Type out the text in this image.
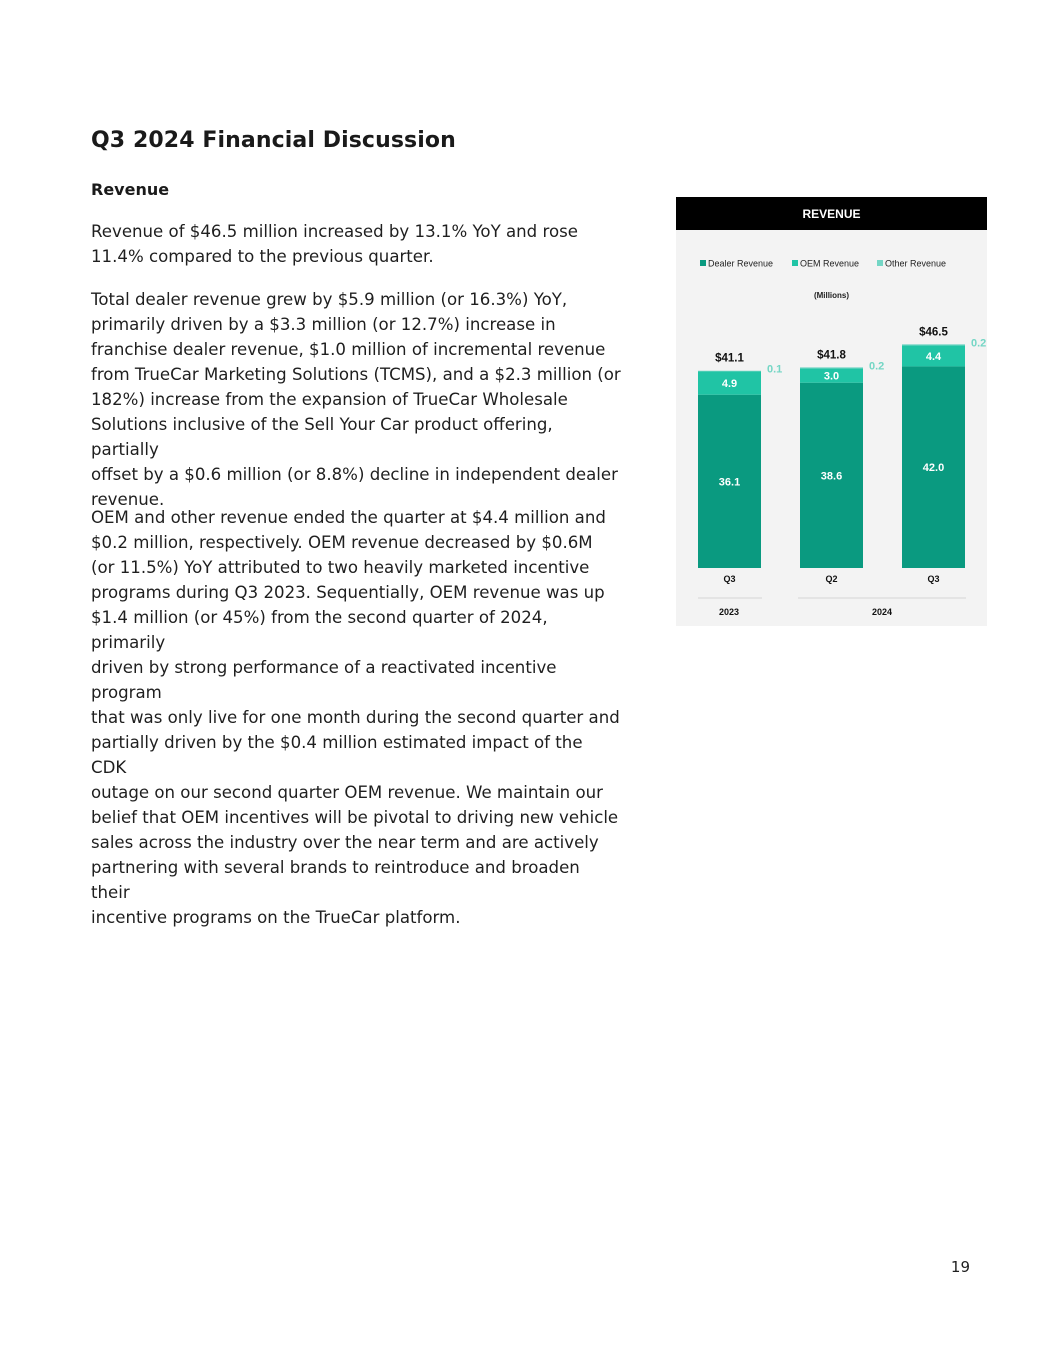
Q3 2024 Financial Discussion
Revenue

Revenue of $46.5 million increased by 13.1% YoY and rose
11.4% compared to the previous quarter.

Total dealer revenue grew by $5.9 million (or 16.3%) YoY,
primarily driven by a $3.3 million (or 12.7%) increase in
franchise dealer revenue, $1.0 million of incremental revenue
from TrueCar Marketing Solutions (TCMS), and a $2.3 million (or
182%) increase from the expansion of TrueCar Wholesale
Solutions inclusive of the Sell Your Car product offering, partially
offset by a $0.6 million (or 8.8%) decline in independent dealer
revenue.

OEM and other revenue ended the quarter at $4.4 million and
$0.2 million, respectively. OEM revenue decreased by $0.6M
(or 11.5%) YoY attributed to two heavily marketed incentive
programs during Q3 2023. Sequentially, OEM revenue was up
$1.4 million (or 45%) from the second quarter of 2024, primarily
driven by strong performance of a reactivated incentive program
that was only live for one month during the second quarter and
partially driven by the $0.4 million estimated impact of the CDK
outage on our second quarter OEM revenue. We maintain our
belief that OEM incentives will be pivotal to driving new vehicle
sales across the industry over the near term and are actively
partnering with several brands to reintroduce and broaden their
incentive programs on the TrueCar platform.

REVENUE
Dealer Revenue	OEM Revenue	Other Revenue
(Millions)
36.1
4.9
0.1
$41.1
Q3
38.6
3.0
0.2
$41.8
Q2
42.0
4.4
0.2
$46.5
Q3
2023	2024
19
